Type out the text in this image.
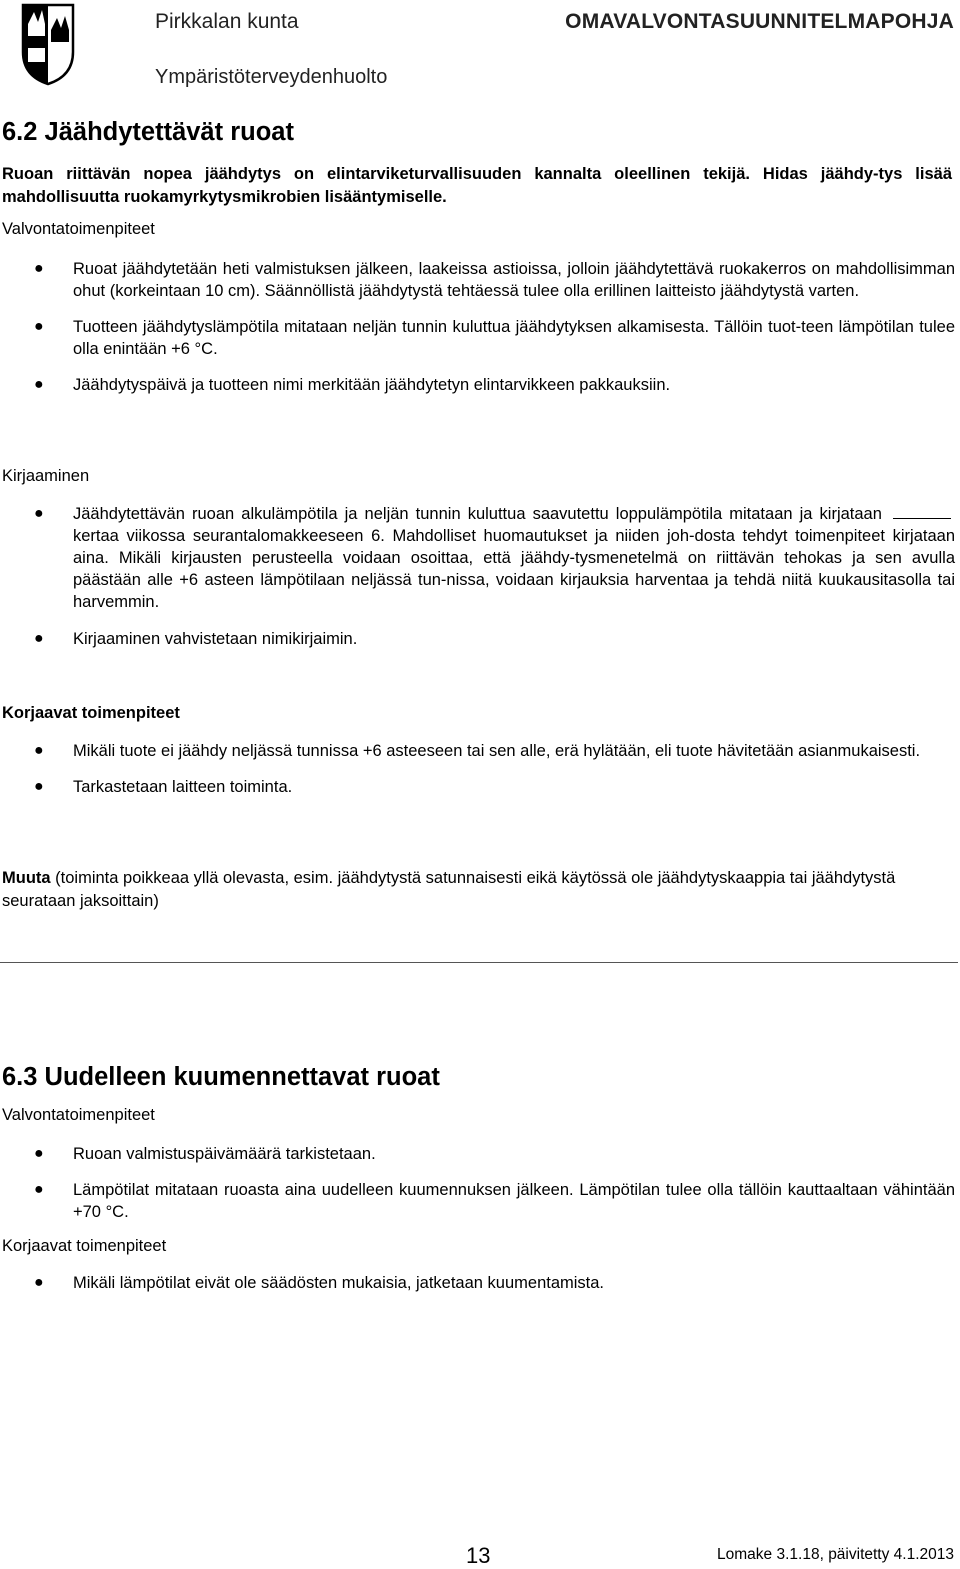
Pirkkalan kunta	OMAVALVONTASUUNNITELMAPOHJA
Ympäristöterveydenhuolto
6.2 Jäähdytettävät ruoat
Ruoan riittävän nopea jäähdytys on elintarviketurvallisuuden kannalta oleellinen tekijä. Hidas jäähdy-tys lisää mahdollisuutta ruokamyrkytysmikrobien lisääntymiselle.
Valvontatoimenpiteet
● Ruoat jäähdytetään heti valmistuksen jälkeen, laakeissa astioissa, jolloin jäähdytettävä ruokakerros on mahdollisimman ohut (korkeintaan 10 cm). Säännöllistä jäähdytystä tehtäessä tulee olla erillinen laitteisto jäähdytystä varten.
● Tuotteen jäähdytyslämpötila mitataan neljän tunnin kuluttua jäähdytyksen alkamisesta. Tällöin tuot-teen lämpötilan tulee olla enintään +6 °C.
● Jäähdytyspäivä ja tuotteen nimi merkitään jäähdytetyn elintarvikkeen pakkauksiin.
Kirjaaminen
● Jäähdytettävän ruoan alkulämpötila ja neljän tunnin kuluttua saavutettu loppulämpötila mitataan ja kirjataan  kertaa viikossa seurantalomakkeeseen 6. Mahdolliset huomautukset ja niiden joh-dosta tehdyt toimenpiteet kirjataan aina. Mikäli kirjausten perusteella voidaan osoittaa, että jäähdy-tysmenetelmä on riittävän tehokas ja sen avulla päästään alle +6 asteen lämpötilaan neljässä tun-nissa, voidaan kirjauksia harventaa ja tehdä niitä kuukausitasolla tai harvemmin.
● Kirjaaminen vahvistetaan nimikirjaimin.
Korjaavat toimenpiteet
● Mikäli tuote ei jäähdy neljässä tunnissa +6 asteeseen tai sen alle, erä hylätään, eli tuote hävitetään asianmukaisesti.
● Tarkastetaan laitteen toiminta.
Muuta (toiminta poikkeaa yllä olevasta, esim. jäähdytystä satunnaisesti eikä käytössä ole jäähdytyskaappia tai jäähdytystä seurataan jaksoittain)
6.3 Uudelleen kuumennettavat ruoat
Valvontatoimenpiteet
● Ruoan valmistuspäivämäärä tarkistetaan.
● Lämpötilat mitataan ruoasta aina uudelleen kuumennuksen jälkeen. Lämpötilan tulee olla tällöin kauttaaltaan vähintään +70 °C.
Korjaavat toimenpiteet
● Mikäli lämpötilat eivät ole säädösten mukaisia, jatketaan kuumentamista.
13	Lomake 3.1.18, päivitetty 4.1.2013
